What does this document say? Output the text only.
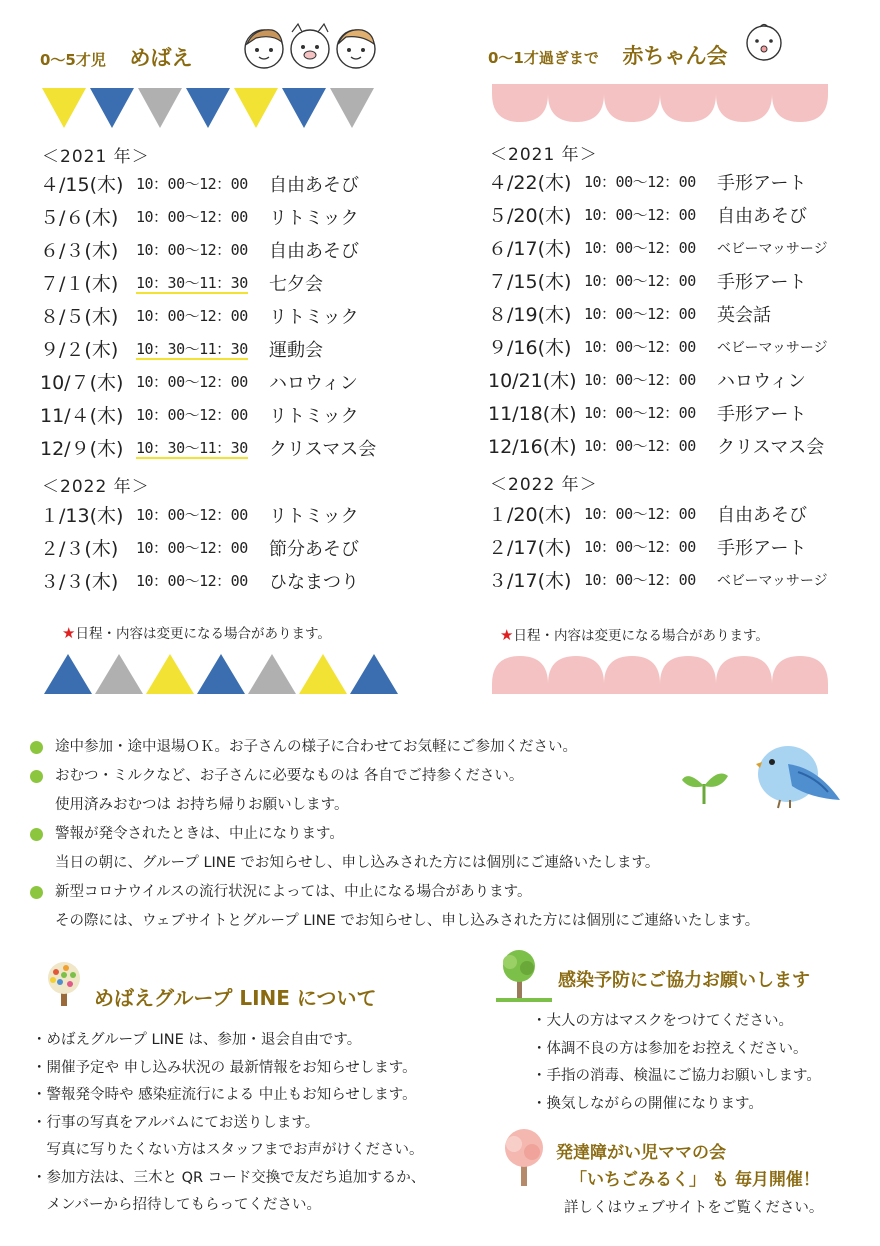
0〜5才児 めばえ
＜2021 年＞
４/15(木) 10：00〜12：00	自由あそび
５/６(木)	10：00〜12：00	リトミック
６/３(木)	10：00〜12：00	自由あそび
７/１(木)	10：30〜11：30	七夕会
８/５(木)	10：00〜12：00	リトミック
９/２(木)	10：30〜11：30	運動会
10/７(木) 10：00〜12：00	ハロウィン
11/４(木) 10：00〜12：00	リトミック
12/９(木) 10：30〜11：30	クリスマス会
＜2022 年＞
１/13(木) 10：00〜12：00	リトミック
２/３(木)	10：00〜12：00	節分あそび
３/３(木)	10：00〜12：00	ひなまつり
★日程・内容は変更になる場合があります。
0〜1才過ぎまで 赤ちゃん会
＜2021 年＞
４/22(木) 10：00〜12：00	手形アート
５/20(木) 10：00〜12：00	自由あそび
６/17(木) 10：00〜12：00	ベビーマッサージ
７/15(木) 10：00〜12：00	手形アート
８/19(木) 10：00〜12：00	英会話
９/16(木) 10：00〜12：00	ベビーマッサージ
10/21(木) 10：00〜12：00	ハロウィン
11/18(木) 10：00〜12：00	手形アート
12/16(木) 10：00〜12：00	クリスマス会
＜2022 年＞
１/20(木) 10：00〜12：00	自由あそび
２/17(木) 10：00〜12：00	手形アート
３/17(木) 10：00〜12：00	ベビーマッサージ
★日程・内容は変更になる場合があります。
途中参加・途中退場ＯＫ。お子さんの様子に合わせてお気軽にご参加ください。
おむつ・ミルクなど、お子さんに必要なものは 各自でご持参ください。
使用済みおむつは お持ち帰りお願いします。
警報が発令されたときは、中止になります。
当日の朝に、グループ LINE でお知らせし、申し込みされた方には個別にご連絡いたします。
新型コロナウイルスの流行状況によっては、中止になる場合があります。
その際には、ウェブサイトとグループ LINE でお知らせし、申し込みされた方には個別にご連絡いたします。
めばえグループ LINE について
・めばえグループ LINE は、参加・退会自由です。
・開催予定や 申し込み状況の 最新情報をお知らせします。
・警報発令時や 感染症流行による 中止もお知らせします。
・行事の写真をアルバムにてお送りします。
　写真に写りたくない方はスタッフまでお声がけください。
・参加方法は、三木と QR コード交換で友だち追加するか、
　メンバーから招待してもらってください。
感染予防にご協力お願いします
・大人の方はマスクをつけてください。
・体調不良の方は参加をお控えください。
・手指の消毒、検温にご協力お願いします。
・換気しながらの開催になります。
発達障がい児ママの会
「いちごみるく」 も 毎月開催！
詳しくはウェブサイトをご覧ください。
